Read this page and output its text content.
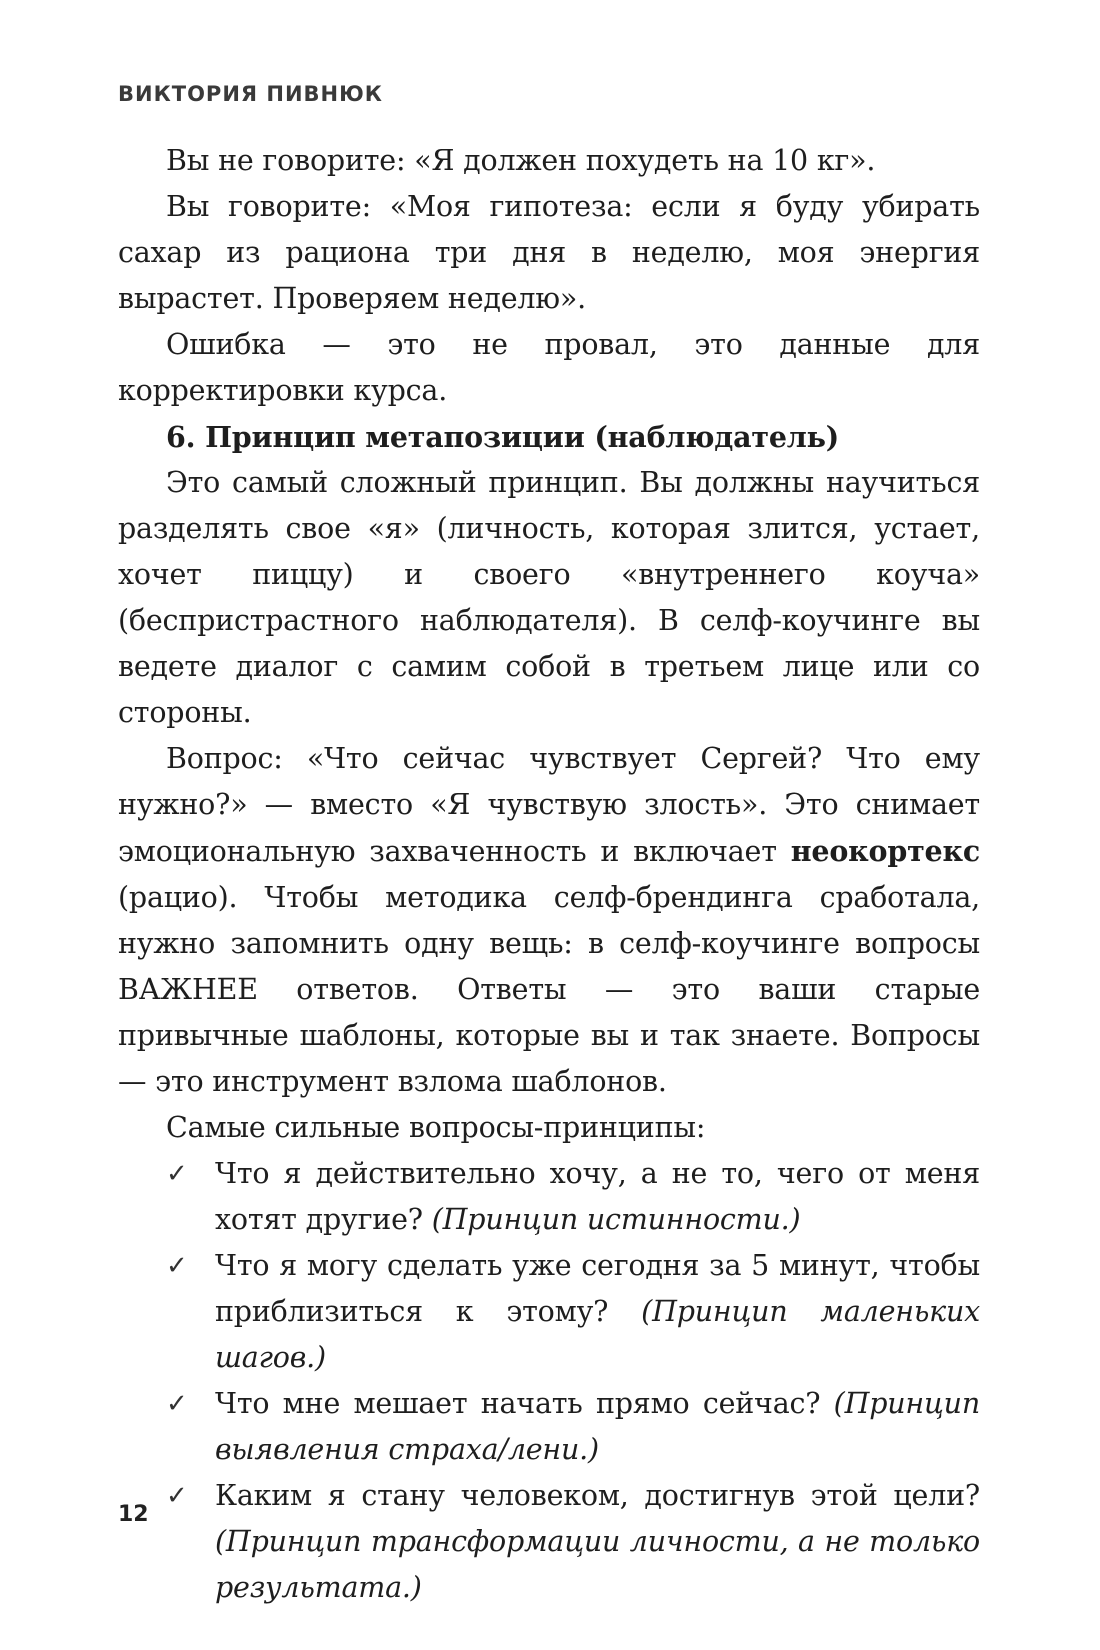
ВИКТОРИЯ ПИВНЮК

Вы не говорите: «Я должен похудеть на 10 кг».

Вы говорите: «Моя гипотеза: если я буду убирать сахар из рациона три дня в неделю, моя энергия вырастет. Проверяем неделю».

Ошибка — это не провал, это данные для корректировки курса.

6. Принцип метапозиции (наблюдатель)

Это самый сложный принцип. Вы должны научиться разделять свое «я» (личность, которая злится, устает, хочет пиццу) и своего «внутреннего коуча» (беспристрастного наблюдателя). В селф-коучинге вы ведете диалог с самим собой в третьем лице или со стороны.

Вопрос: «Что сейчас чувствует Сергей? Что ему нужно?» — вместо «Я чувствую злость». Это снимает эмоциональную захваченность и включает неокортекс (рацио). Чтобы методика селф-брендинга сработала, нужно запомнить одну вещь: в селф-коучинге вопросы ВАЖНЕЕ ответов. Ответы — это ваши старые привычные шаблоны, которые вы и так знаете. Вопросы — это инструмент взлома шаблонов.

Самые сильные вопросы-принципы:

✓ Что я действительно хочу, а не то, чего от меня хотят другие? (Принцип истинности.)

✓ Что я могу сделать уже сегодня за 5 минут, чтобы приблизиться к этому? (Принцип маленьких шагов.)

✓ Что мне мешает начать прямо сейчас? (Принцип выявления страха/лени.)

✓ Каким я стану человеком, достигнув этой цели? (Принцип трансформации личности, а не только результата.)

12
